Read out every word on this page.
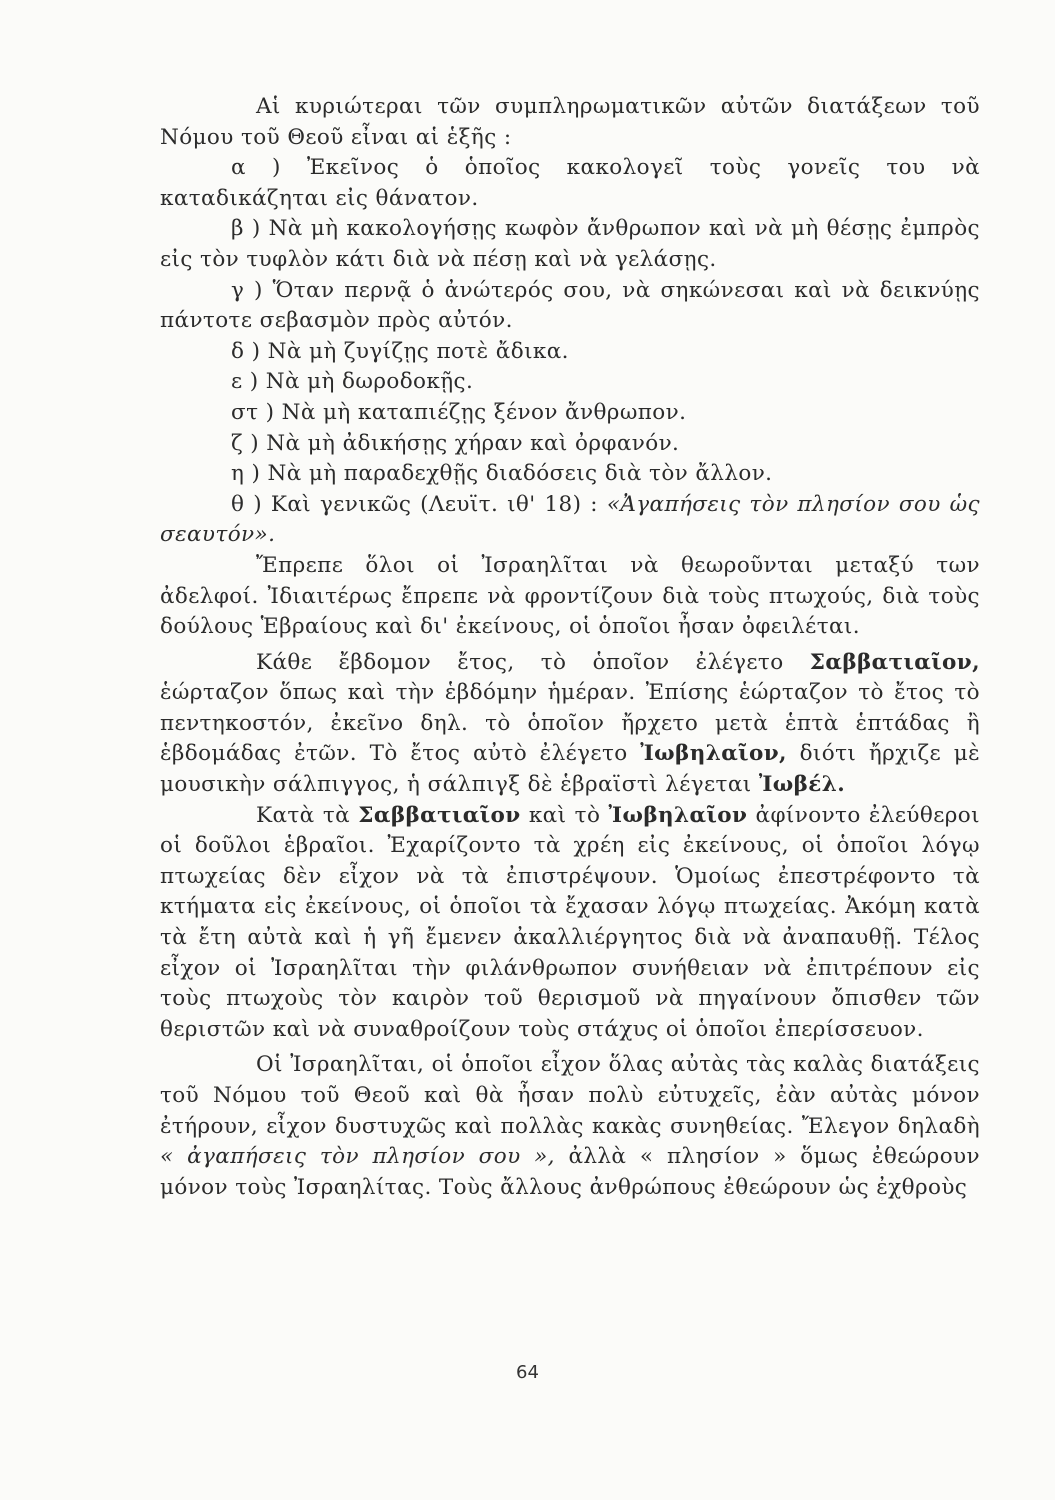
Αἱ κυριώτεραι τῶν συμπληρωματικῶν αὐτῶν διατάξεων τοῦ Νόμου τοῦ Θεοῦ εἶναι αἱ ἑξῆς :

α ) Ἐκεῖνος ὁ ὁποῖος κακολογεῖ τοὺς γονεῖς του νὰ καταδικάζηται εἰς θάνατον.

β ) Νὰ μὴ κακολογήσῃς κωφὸν ἄνθρωπον καὶ νὰ μὴ θέσῃς ἐμπρὸς εἰς τὸν τυφλὸν κάτι διὰ νὰ πέσῃ καὶ νὰ γελάσῃς.

γ ) Ὅταν περνᾷ ὁ ἀνώτερός σου, νὰ σηκώνεσαι καὶ νὰ δεικνύῃς πάντοτε σεβασμὸν πρὸς αὐτόν.

δ ) Νὰ μὴ ζυγίζῃς ποτὲ ἄδικα.

ε ) Νὰ μὴ δωροδοκῇς.

στ ) Νὰ μὴ καταπιέζῃς ξένον ἄνθρωπον.

ζ ) Νὰ μὴ ἀδικήσῃς χήραν καὶ ὀρφανόν.

η ) Νὰ μὴ παραδεχθῇς διαδόσεις διὰ τὸν ἄλλον.

θ ) Καὶ γενικῶς (Λευϊτ. ιθ' 18) : «Ἀγαπήσεις τὸν πλησίον σου ὡς σεαυτόν».

Ἔπρεπε ὅλοι οἱ Ἰσραηλῖται νὰ θεωροῦνται μεταξύ των ἀδελφοί. Ἰδιαιτέρως ἔπρεπε νὰ φροντίζουν διὰ τοὺς πτωχούς, διὰ τοὺς δούλους Ἑβραίους καὶ δι' ἐκείνους, οἱ ὁποῖοι ἦσαν ὀφειλέται.

Κάθε ἔβδομον ἔτος, τὸ ὁποῖον ἐλέγετο Σαββατιαῖον, ἑώρταζον ὅπως καὶ τὴν ἑβδόμην ἡμέραν. Ἐπίσης ἑώρταζον τὸ ἔτος τὸ πεντηκοστόν, ἐκεῖνο δηλ. τὸ ὁποῖον ἤρχετο μετὰ ἑπτὰ ἑπτάδας ἢ ἑβδομάδας ἐτῶν. Τὸ ἔτος αὐτὸ ἐλέγετο Ἰωβηλαῖον, διότι ἤρχιζε μὲ μουσικὴν σάλπιγγος, ἡ σάλπιγξ δὲ ἑβραϊστὶ λέγεται Ἰωβέλ.

Κατὰ τὰ Σαββατιαῖον καὶ τὸ Ἰωβηλαῖον ἀφίνοντο ἐλεύθεροι οἱ δοῦλοι ἑβραῖοι. Ἐχαρίζοντο τὰ χρέη εἰς ἐκείνους, οἱ ὁποῖοι λόγῳ πτωχείας δὲν εἶχον νὰ τὰ ἐπιστρέψουν. Ὁμοίως ἐπεστρέφοντο τὰ κτήματα εἰς ἐκείνους, οἱ ὁποῖοι τὰ ἔχασαν λόγῳ πτωχείας. Ἀκόμη κατὰ τὰ ἔτη αὐτὰ καὶ ἡ γῆ ἔμενεν ἀκαλλιέργητος διὰ νὰ ἀναπαυθῇ. Τέλος εἶχον οἱ Ἰσραηλῖται τὴν φιλάνθρωπον συνήθειαν νὰ ἐπιτρέπουν εἰς τοὺς πτωχοὺς τὸν καιρὸν τοῦ θερισμοῦ νὰ πηγαίνουν ὄπισθεν τῶν θεριστῶν καὶ νὰ συναθροίζουν τοὺς στάχυς οἱ ὁποῖοι ἐπερίσσευον.

Οἱ Ἰσραηλῖται, οἱ ὁποῖοι εἶχον ὅλας αὐτὰς τὰς καλὰς διατάξεις τοῦ Νόμου τοῦ Θεοῦ καὶ θὰ ἦσαν πολὺ εὐτυχεῖς, ἐὰν αὐτὰς μόνον ἐτήρουν, εἶχον δυστυχῶς καὶ πολλὰς κακὰς συνηθείας. Ἔλεγον δηλαδὴ « ἀγαπήσεις τὸν πλησίον σου », ἀλλὰ « πλησίον » ὅμως ἐθεώρουν μόνον τοὺς Ἰσραηλίτας. Τοὺς ἄλλους ἀνθρώπους ἐθεώρουν ὡς ἐχθροὺς

64
